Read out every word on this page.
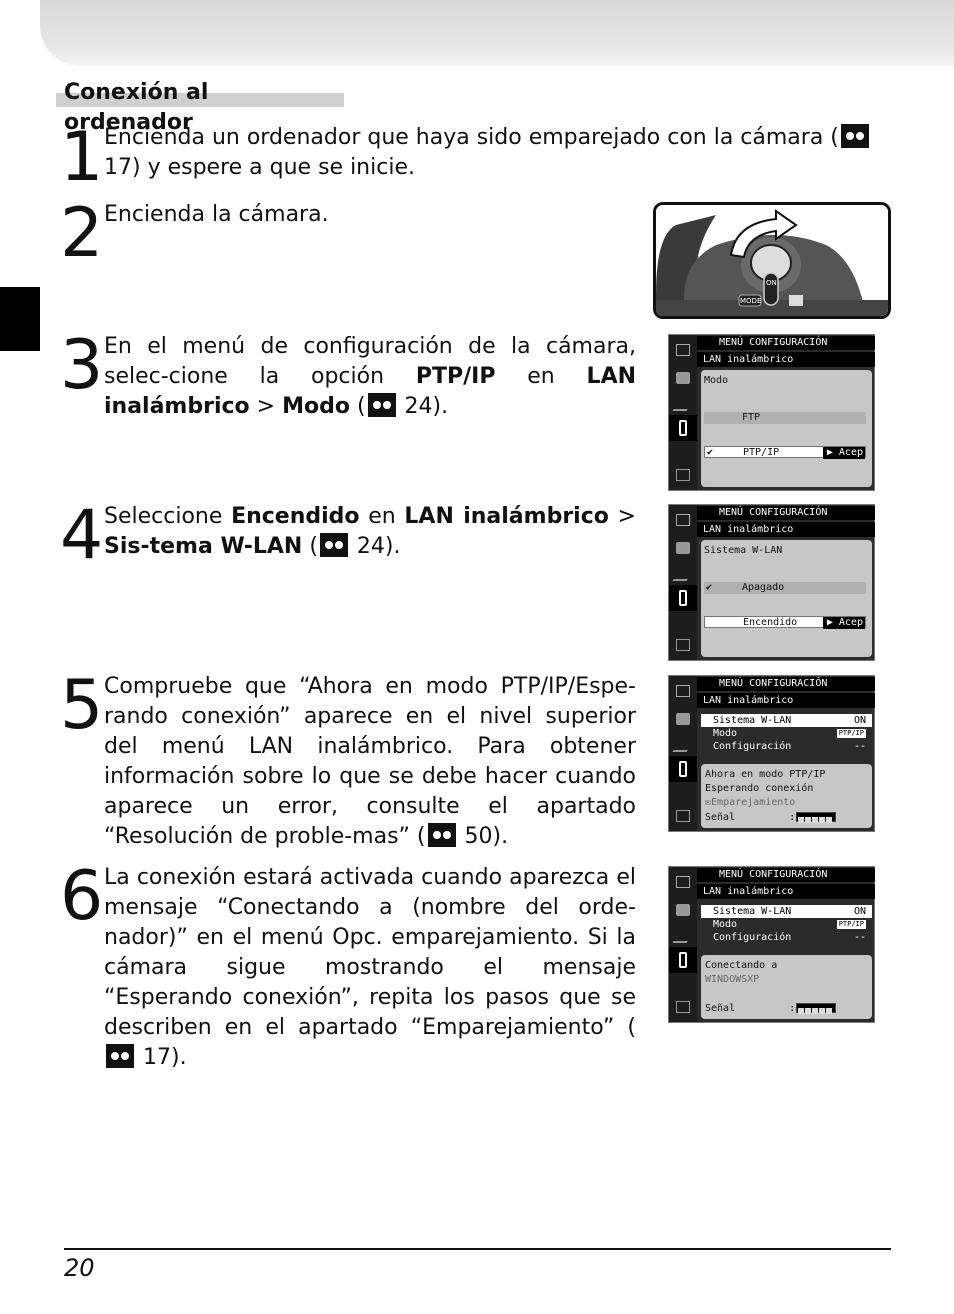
Conexión al ordenador
1 Encienda un ordenador que haya sido emparejado con la cámara ( 17) y espere a que se inicie.
2 Encienda la cámara.
MODE
ON
3 En el menú de configuración de la cámara, selec-cione la opción PTP/IP en LAN inalámbrico > Modo ( 24).
MENÚ CONFIGURACIÓN
LAN inalámbrico
Modo
FTP
✔	PTP/IP	▶ Acep
4 Seleccione Encendido en LAN inalámbrico > Sis-tema W-LAN ( 24).
MENÚ CONFIGURACIÓN
LAN inalámbrico
Sistema W-LAN
✔	Apagado
Encendido	▶ Acep
5 Compruebe que “Ahora en modo PTP/IP/Espe-rando conexión” aparece en el nivel superior del menú LAN inalámbrico. Para obtener información sobre lo que se debe hacer cuando aparece un error, consulte el apartado “Resolución de proble-mas” ( 50).
MENÚ CONFIGURACIÓN
LAN inalámbrico
Sistema W-LAN	ON
Modo	PTP/IP
Configuración	--
Ahora en modo PTP/IP
Esperando conexión
✉Emparejamiento
Señal         :
6 La conexión estará activada cuando aparezca el mensaje “Conectando a (nombre del orde-nador)” en el menú Opc. emparejamiento. Si la cámara sigue mostrando el mensaje “Esperando conexión”, repita los pasos que se describen en el apartado “Emparejamiento” ( 17).
MENÚ CONFIGURACIÓN
LAN inalámbrico
Sistema W-LAN	ON
Modo	PTP/IP
Configuración	--
Conectando a
WINDOWSXP
Señal         :
20
